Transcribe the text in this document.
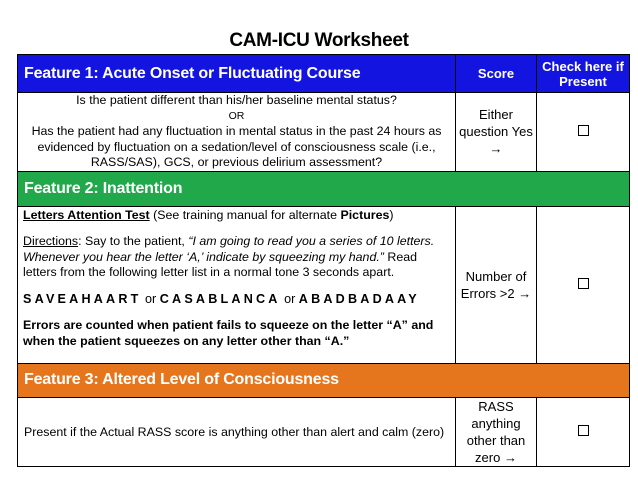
CAM-ICU Worksheet
Feature 1: Acute Onset or Fluctuating Course	Score	Check here if Present

Is the patient different than his/her baseline mental status?
OR
Has the patient had any fluctuation in mental status in the past 24 hours as evidenced by fluctuation on a sedation/level of consciousness scale (i.e., RASS/SAS), GCS, or previous delirium assessment?	Either question Yes →	
Feature 2: Inattention		

Letters Attention Test (See training manual for alternate Pictures)
Directions: Say to the patient, “I am going to read you a series of 10 letters. Whenever you hear the letter ‘A,’ indicate by squeezing my hand.” Read letters from the following letter list in a normal tone 3 seconds apart.
SAVEAHAART or CASABLANCA or ABADBADAAY
Errors are counted when patient fails to squeeze on the letter “A” and when the patient squeezes on any letter other than “A.”	Number of Errors >2 →	
Feature 3: Altered Level of Consciousness		
Present if the Actual RASS score is anything other than alert and calm (zero)	RASS anything other than zero →	
